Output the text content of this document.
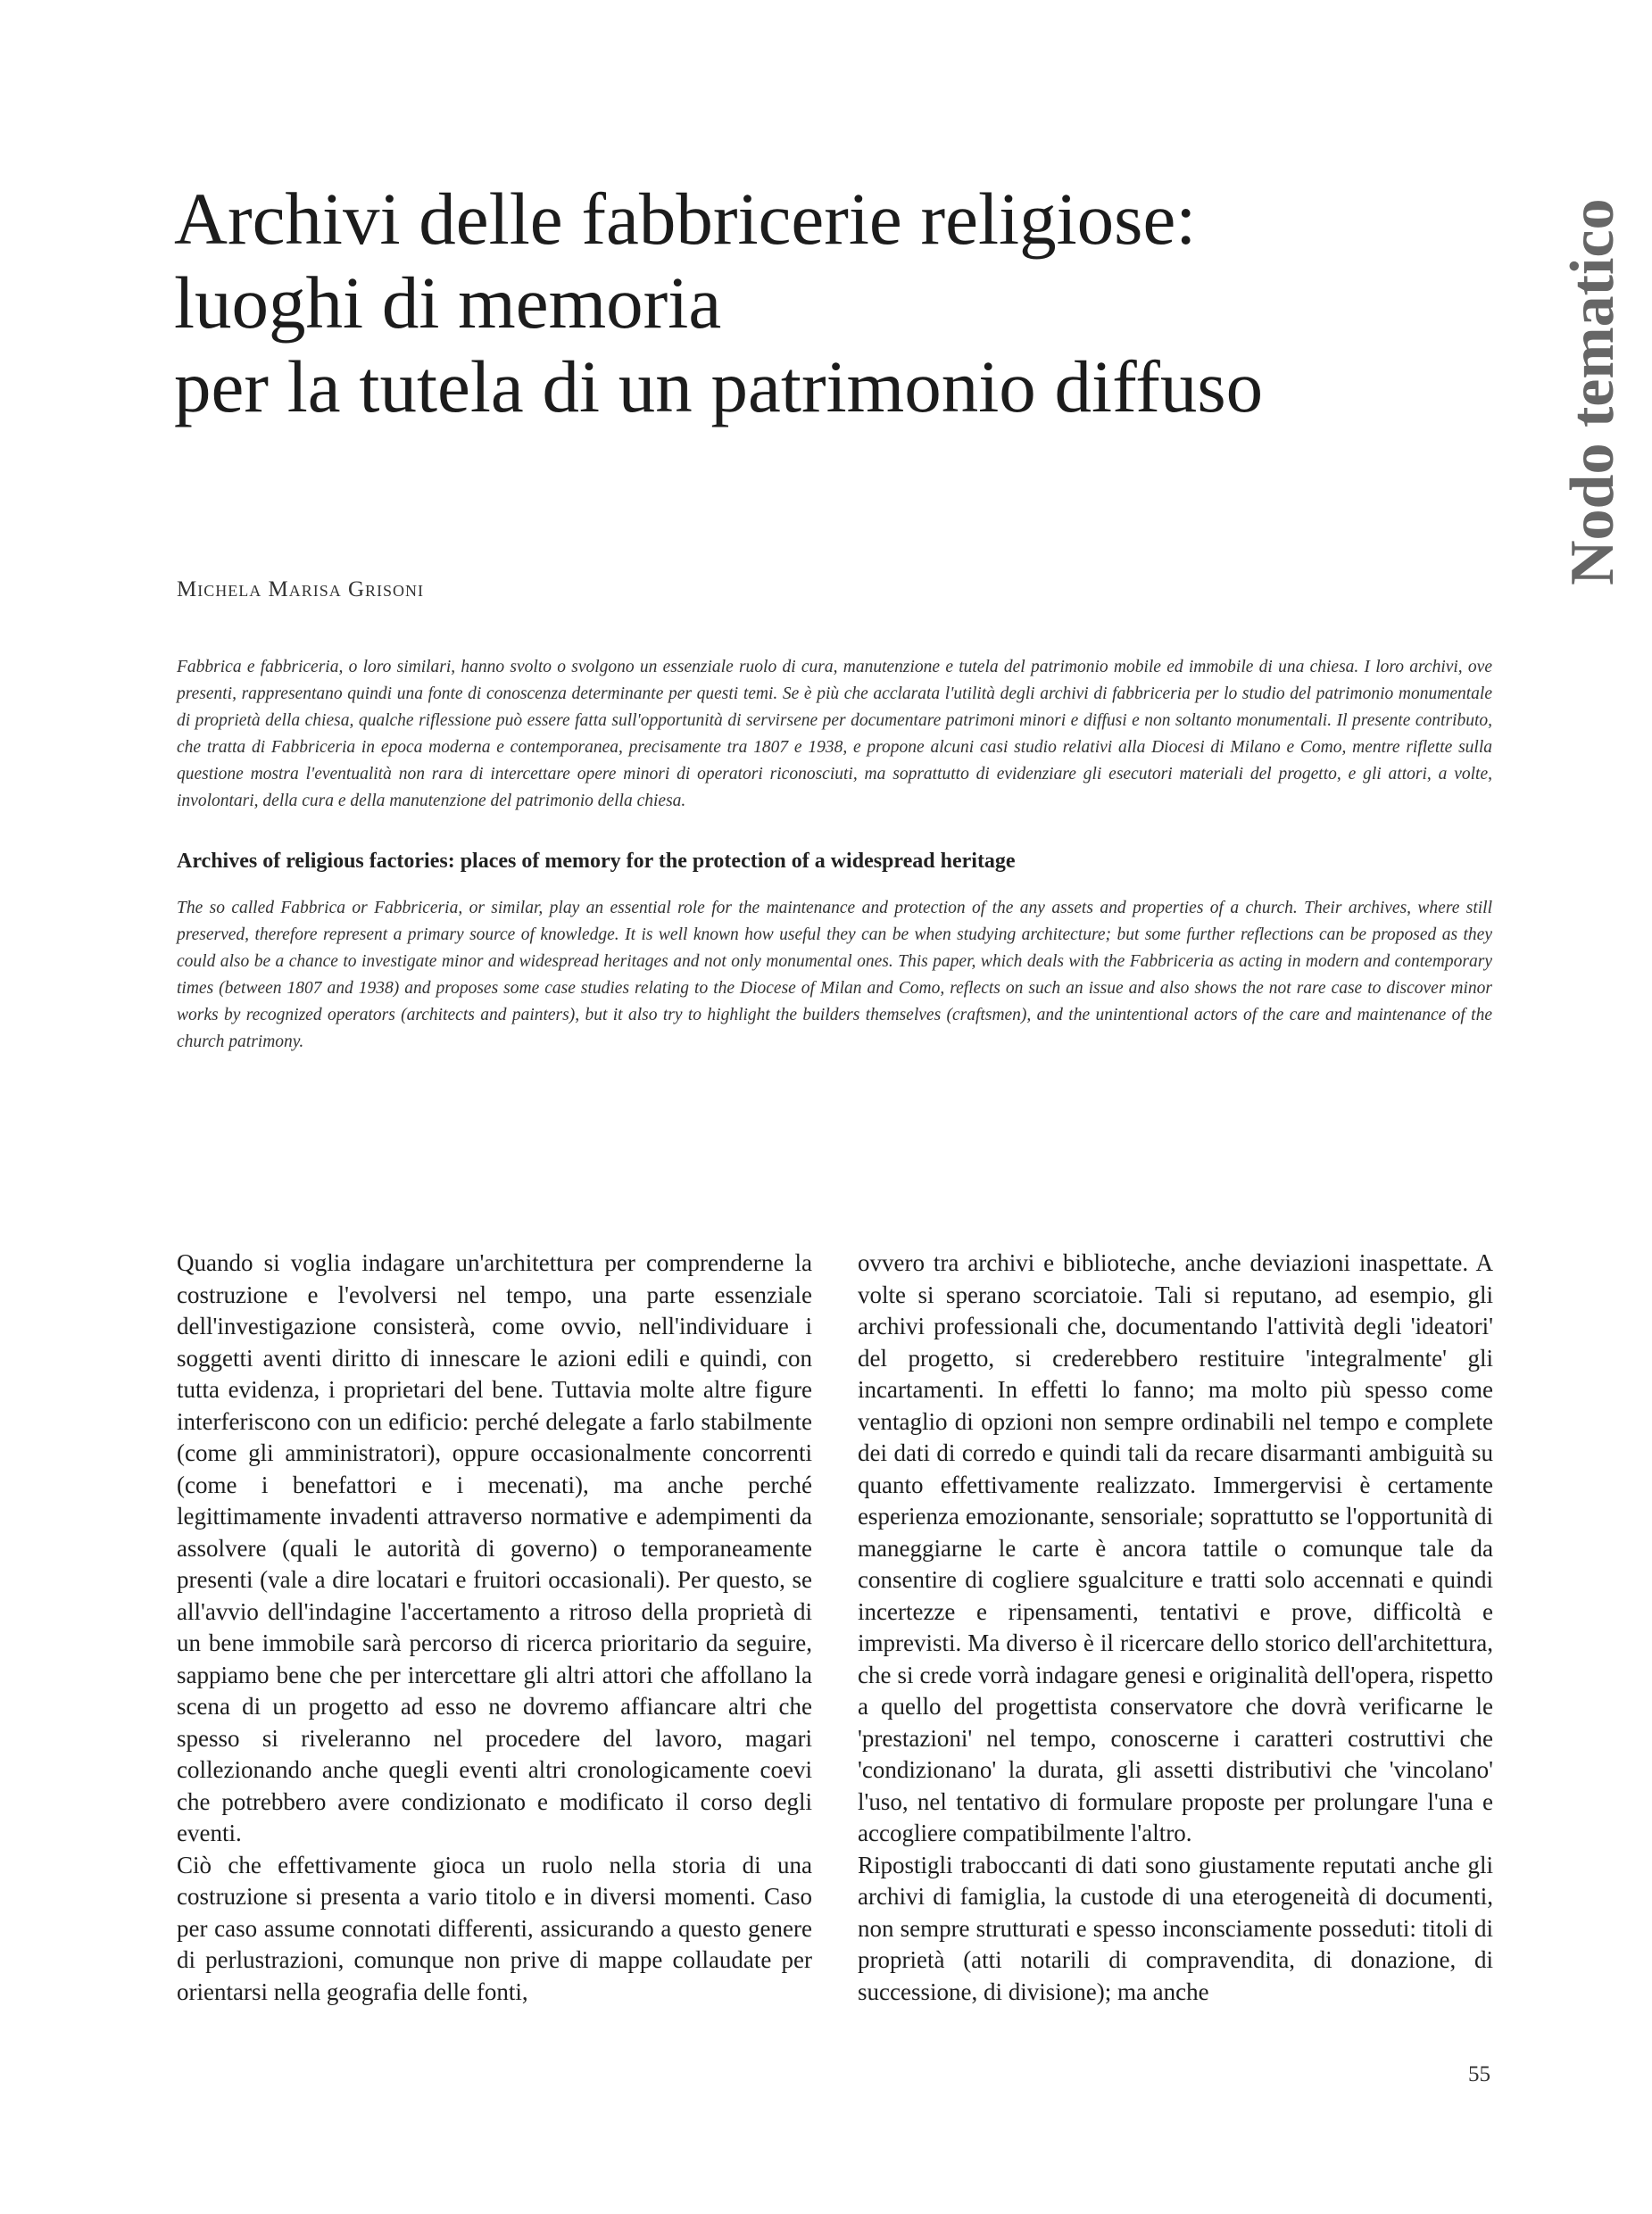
Archivi delle fabbricerie religiose:
luoghi di memoria
per la tutela di un patrimonio diffuso	Nodo tematico
Michela Marisa Grisoni

Fabbrica e fabbriceria, o loro similari, hanno svolto o svolgono un essenziale ruolo di cura, manutenzione e tutela del patrimonio mobile ed immobile di una chiesa. I loro archivi, ove presenti, rappresentano quindi una fonte di conoscenza determinante per questi temi. Se è più che acclarata l'utilità degli archivi di fabbriceria per lo studio del patrimonio monumentale di proprietà della chiesa, qualche riflessione può essere fatta sull'opportunità di servirsene per documentare patrimoni minori e diffusi e non soltanto monumentali. Il presente contributo, che tratta di Fabbriceria in epoca moderna e contemporanea, precisamente tra 1807 e 1938, e propone alcuni casi studio relativi alla Diocesi di Milano e Como, mentre riflette sulla questione mostra l'eventualità non rara di intercettare opere minori di operatori riconosciuti, ma soprattutto di evidenziare gli esecutori materiali del progetto, e gli attori, a volte, involontari, della cura e della manutenzione del patrimonio della chiesa.

Archives of religious factories: places of memory for the protection of a widespread heritage

The so called Fabbrica or Fabbriceria, or similar, play an essential role for the maintenance and protection of the any assets and properties of a church. Their archives, where still preserved, therefore represent a primary source of knowledge. It is well known how useful they can be when studying architecture; but some further reflections can be proposed as they could also be a chance to investigate minor and widespread heritages and not only monumental ones. This paper, which deals with the Fabbriceria as acting in modern and contemporary times (between 1807 and 1938) and proposes some case studies relating to the Diocese of Milan and Como, reflects on such an issue and also shows the not rare case to discover minor works by recognized operators (architects and painters), but it also try to highlight the builders themselves (craftsmen), and the unintentional actors of the care and maintenance of the church patrimony.

Quando si voglia indagare un'architettura per comprenderne la costruzione e l'evolversi nel tempo, una parte essenziale dell'investigazione consisterà, come ovvio, nell'individuare i soggetti aventi diritto di innescare le azioni edili e quindi, con tutta evidenza, i proprietari del bene. Tuttavia molte altre figure interferiscono con un edificio: perché delegate a farlo stabilmente (come gli amministratori), oppure occasionalmente concorrenti (come i benefattori e i mecenati), ma anche perché legittimamente invadenti attraverso normative e adempimenti da assolvere (quali le autorità di governo) o temporaneamente presenti (vale a dire locatari e fruitori occasionali). Per questo, se all'avvio dell'indagine l'accertamento a ritroso della proprietà di un bene immobile sarà percorso di ricerca prioritario da seguire, sappiamo bene che per intercettare gli altri attori che affollano la scena di un progetto ad esso ne dovremo affiancare altri che spesso si riveleranno nel procedere del lavoro, magari collezionando anche quegli eventi altri cronologicamente coevi che potrebbero avere condizionato e modificato il corso degli eventi.

Ciò che effettivamente gioca un ruolo nella storia di una costruzione si presenta a vario titolo e in diversi momenti. Caso per caso assume connotati differenti, assicurando a questo genere di perlustrazioni, comunque non prive di mappe collaudate per orientarsi nella geografia delle fonti,

ovvero tra archivi e biblioteche, anche deviazioni inaspettate. A volte si sperano scorciatoie. Tali si reputano, ad esempio, gli archivi professionali che, documentando l'attività degli 'ideatori' del progetto, si crederebbero restituire 'integralmente' gli incartamenti. In effetti lo fanno; ma molto più spesso come ventaglio di opzioni non sempre ordinabili nel tempo e complete dei dati di corredo e quindi tali da recare disarmanti ambiguità su quanto effettivamente realizzato. Immergervisi è certamente esperienza emozionante, sensoriale; soprattutto se l'opportunità di maneggiarne le carte è ancora tattile o comunque tale da consentire di cogliere sgualciture e tratti solo accennati e quindi incertezze e ripensamenti, tentativi e prove, difficoltà e imprevisti. Ma diverso è il ricercare dello storico dell'architettura, che si crede vorrà indagare genesi e originalità dell'opera, rispetto a quello del progettista conservatore che dovrà verificarne le 'prestazioni' nel tempo, conoscerne i caratteri costruttivi che 'condizionano' la durata, gli assetti distributivi che 'vincolano' l'uso, nel tentativo di formulare proposte per prolungare l'una e accogliere compatibilmente l'altro.

Ripostigli traboccanti di dati sono giustamente reputati anche gli archivi di famiglia, la custode di una eterogeneità di documenti, non sempre strutturati e spesso inconsciamente posseduti: titoli di proprietà (atti notarili di compravendita, di donazione, di successione, di divisione); ma anche

55
